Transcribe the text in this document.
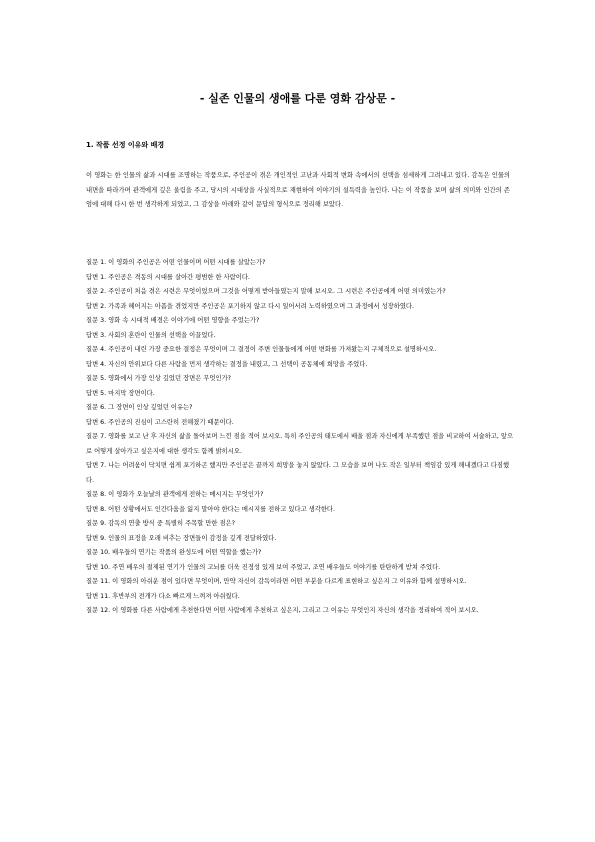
- 실존 인물의 생애를 다룬 영화 감상문 -
1. 작품 선정 이유와 배경

이 영화는 한 인물의 삶과 시대를 조명하는 작품으로, 주인공이 겪은 개인적인 고난과 사회적 변화 속에서의 선택을 섬세하게 그려내고 있다. 감독은 인물의 내면을 따라가며 관객에게 깊은 울림을 주고, 당시의 시대상을 사실적으로 재현하여 이야기의 설득력을 높인다. 나는 이 작품을 보며 삶의 의미와 인간의 존엄에 대해 다시 한 번 생각하게 되었고, 그 감상을 아래와 같이 문답의 형식으로 정리해 보았다.

질문 1. 이 영화의 주인공은 어떤 인물이며 어떤 시대를 살았는가?
답변 1. 주인공은 격동의 시대를 살아간 평범한 한 사람이다.
질문 2. 주인공이 처음 겪은 시련은 무엇이었으며 그것을 어떻게 받아들였는지 말해 보시오. 그 시련은 주인공에게 어떤 의미였는가?
답변 2. 가족과 헤어지는 아픔을 겪었지만 주인공은 포기하지 않고 다시 일어서려 노력하였으며 그 과정에서 성장하였다.
질문 3. 영화 속 시대적 배경은 이야기에 어떤 영향을 주었는가?
답변 3. 사회의 혼란이 인물의 선택을 이끌었다.
질문 4. 주인공이 내린 가장 중요한 결정은 무엇이며 그 결정이 주변 인물들에게 어떤 변화를 가져왔는지 구체적으로 설명하시오.
답변 4. 자신의 안위보다 다른 사람을 먼저 생각하는 결정을 내렸고, 그 선택이 공동체에 희망을 주었다.
질문 5. 영화에서 가장 인상 깊었던 장면은 무엇인가?
답변 5. 마지막 장면이다.
질문 6. 그 장면이 인상 깊었던 이유는?
답변 6. 주인공의 진심이 고스란히 전해졌기 때문이다.
질문 7. 영화를 보고 난 후 자신의 삶을 돌아보며 느낀 점을 적어 보시오. 특히 주인공의 태도에서 배울 점과 자신에게 부족했던 점을 비교하여 서술하고, 앞으로 어떻게 살아가고 싶은지에 대한 생각도 함께 밝히시오.
답변 7. 나는 어려움이 닥치면 쉽게 포기하곤 했지만 주인공은 끝까지 희망을 놓지 않았다. 그 모습을 보며 나도 작은 일부터 책임감 있게 해내겠다고 다짐했다.
질문 8. 이 영화가 오늘날의 관객에게 전하는 메시지는 무엇인가?
답변 8. 어떤 상황에서도 인간다움을 잃지 말아야 한다는 메시지를 전하고 있다고 생각한다.
질문 9. 감독의 연출 방식 중 특별히 주목할 만한 점은?
답변 9. 인물의 표정을 오래 비추는 장면들이 감정을 깊게 전달하였다.
질문 10. 배우들의 연기는 작품의 완성도에 어떤 역할을 했는가?
답변 10. 주연 배우의 절제된 연기가 인물의 고뇌를 더욱 진정성 있게 보여 주었고, 조연 배우들도 이야기를 탄탄하게 받쳐 주었다.
질문 11. 이 영화의 아쉬운 점이 있다면 무엇이며, 만약 자신이 감독이라면 어떤 부분을 다르게 표현하고 싶은지 그 이유와 함께 설명하시오.
답변 11. 후반부의 전개가 다소 빠르게 느껴져 아쉬웠다.
질문 12. 이 영화를 다른 사람에게 추천한다면 어떤 사람에게 추천하고 싶은지, 그리고 그 이유는 무엇인지 자신의 생각을 정리하여 적어 보시오.
